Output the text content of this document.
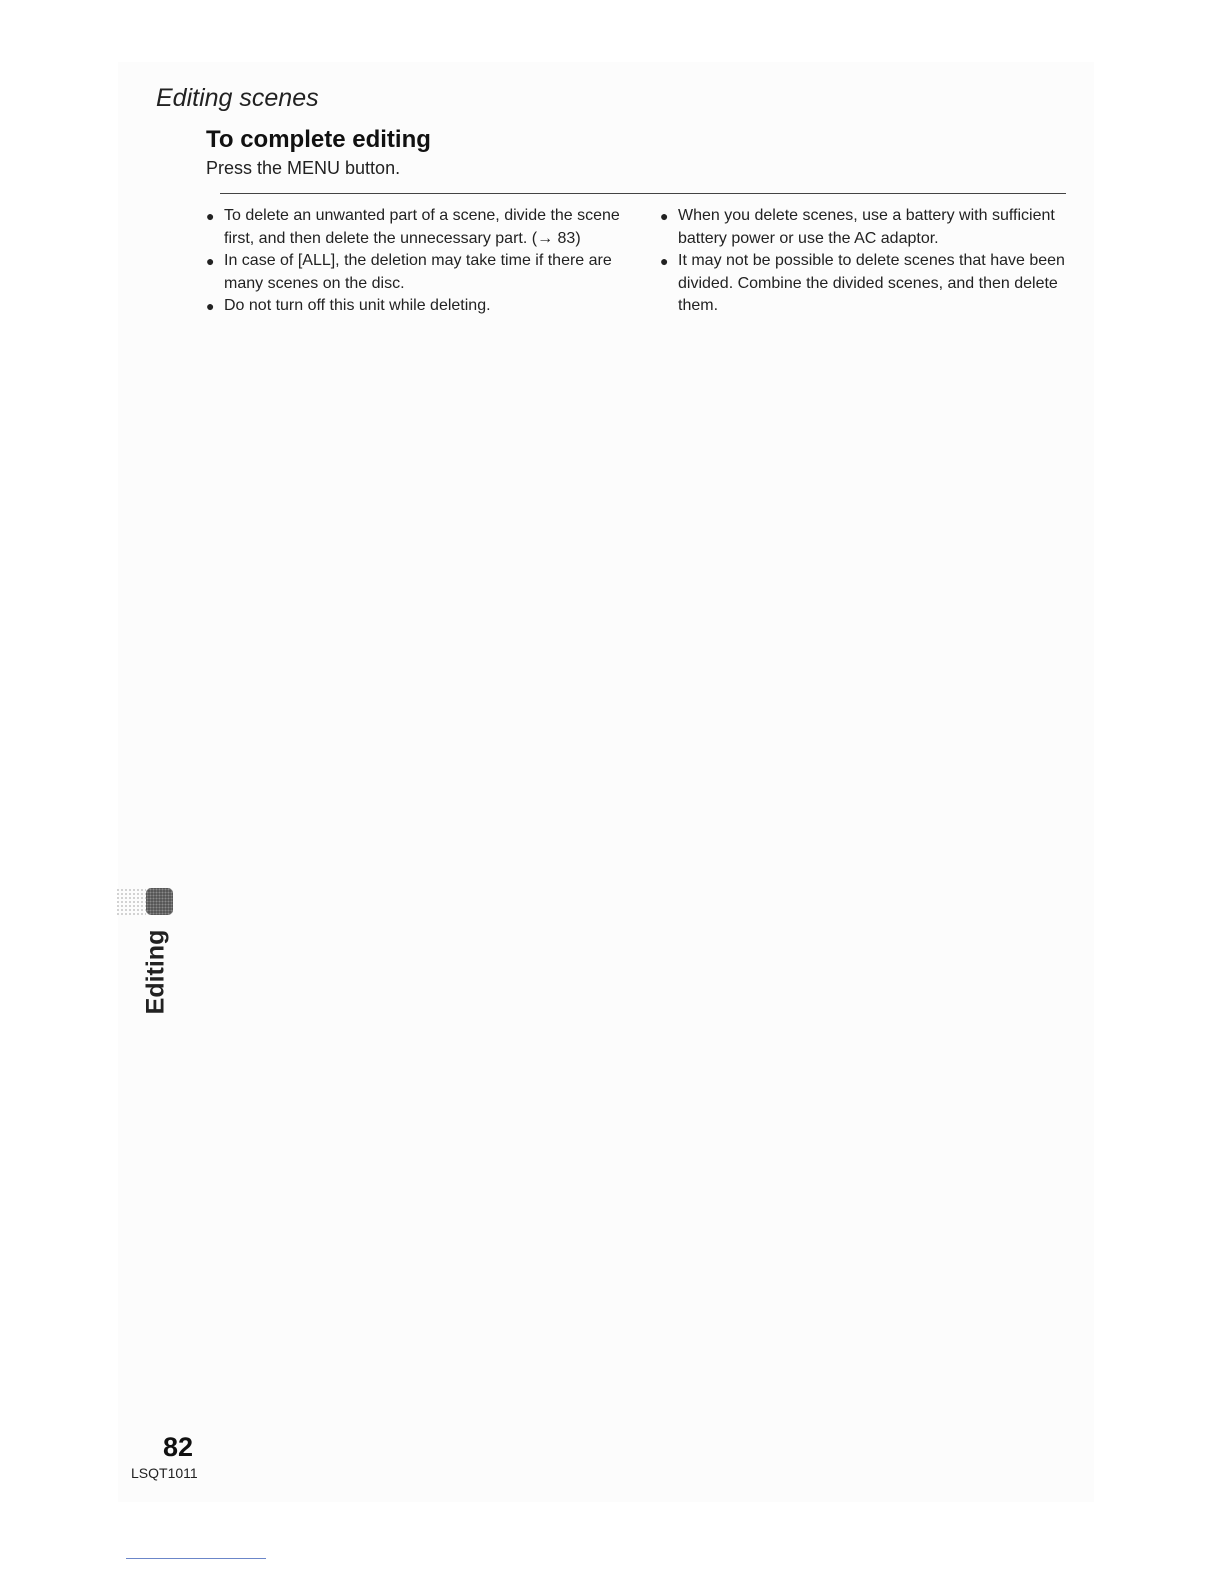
Editing scenes
To complete editing

Press the MENU button.

● To delete an unwanted part of a scene, divide the scene first, and then delete the unnecessary part. (→ 83)
● In case of [ALL], the deletion may take time if there are many scenes on the disc.
● Do not turn off this unit while deleting.
● When you delete scenes, use a battery with sufficient battery power or use the AC adaptor.
● It may not be possible to delete scenes that have been divided. Combine the divided scenes, and then delete them.
Editing
82
LSQT1011
